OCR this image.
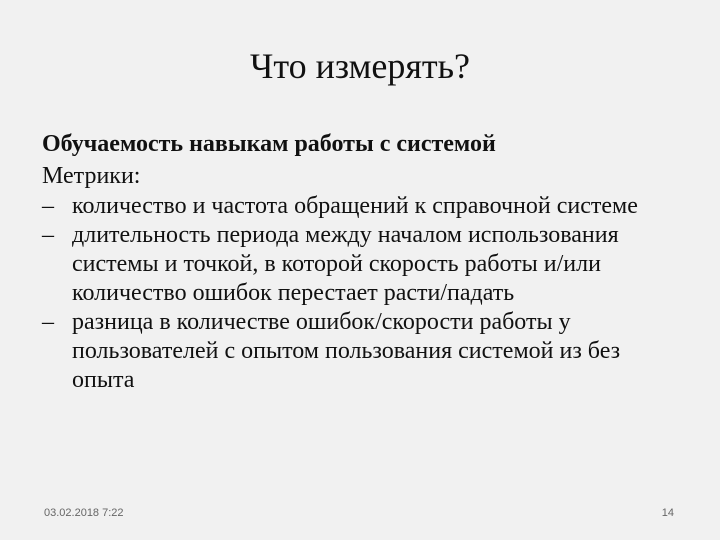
Что измерять?

Обучаемость навыкам работы с системой

Метрики:

– количество и частота обращений к справочной системе
– длительность периода между началом использования системы и точкой, в которой скорость работы и/или количество ошибок перестает расти/падать
– разница в количестве ошибок/скорости работы у пользователей с опытом пользования системой из без опыта
03.02.2018 7:22	14
